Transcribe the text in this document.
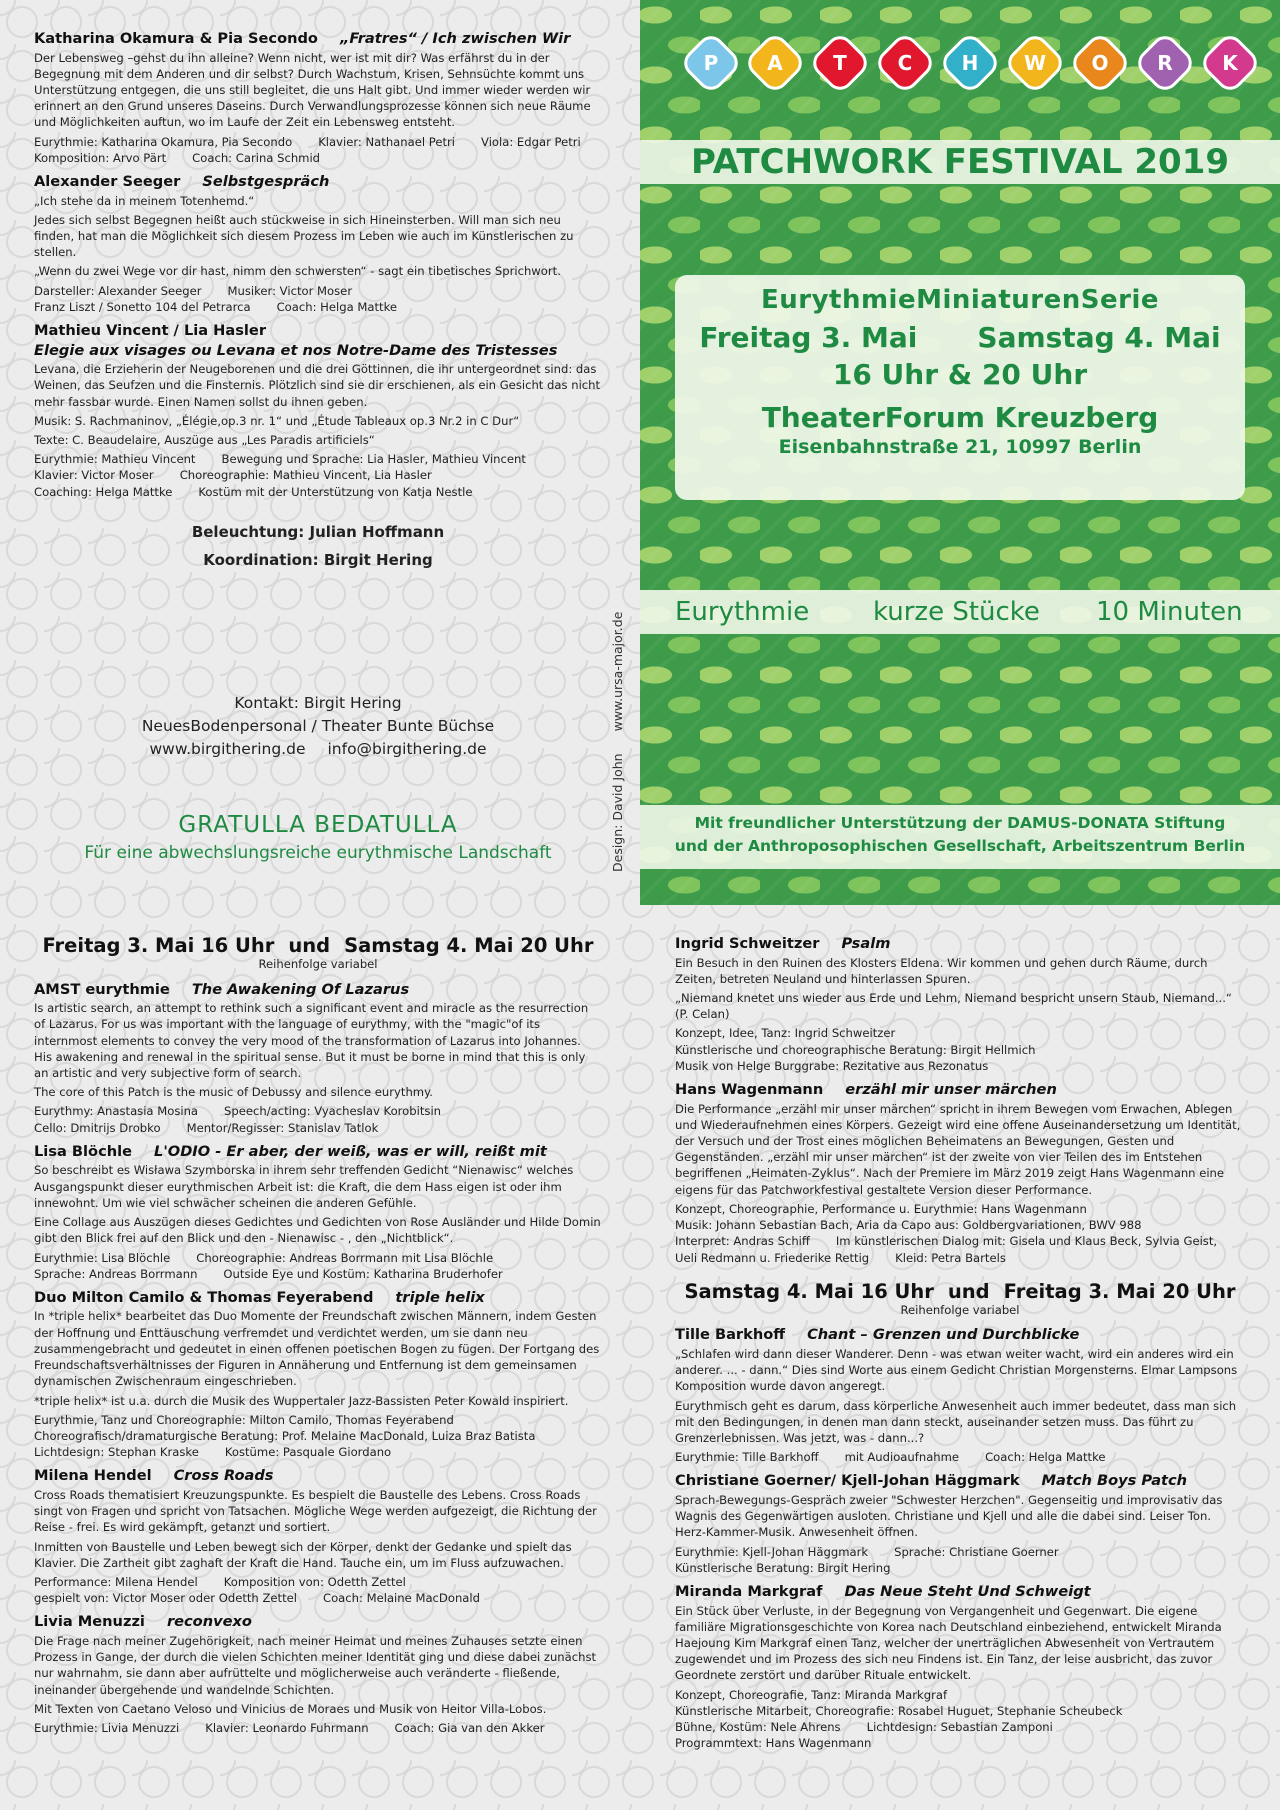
Katharina Okamura & Pia Secondo „Fratres“ / Ich zwischen Wir

Der Lebensweg –gehst du ihn alleine? Wenn nicht, wer ist mit dir? Was erfährst du in der Begegnung mit dem Anderen und dir selbst? Durch Wachstum, Krisen, Sehnsüchte kommt uns Unterstützung entgegen, die uns still begleitet, die uns Halt gibt. Und immer wieder werden wir erinnert an den Grund unseres Daseins. Durch Verwandlungsprozesse können sich neue Räume und Möglichkeiten auftun, wo im Laufe der Zeit ein Lebensweg entsteht.

Eurythmie: Katharina Okamura, Pia Secondo Klavier: Nathanael Petri Viola: Edgar Petri
Komposition: Arvo Pärt Coach: Carina Schmid
Alexander Seeger Selbstgespräch

„Ich stehe da in meinem Totenhemd.“

Jedes sich selbst Begegnen heißt auch stückweise in sich Hineinsterben. Will man sich neu finden, hat man die Möglichkeit sich diesem Prozess im Leben wie auch im Künstlerischen zu stellen.

„Wenn du zwei Wege vor dir hast, nimm den schwersten“ - sagt ein tibetisches Sprichwort.

Darsteller: Alexander Seeger Musiker: Victor Moser
Franz Liszt / Sonetto 104 del Petrarca Coach: Helga Mattke
Mathieu Vincent / Lia Hasler
Elegie aux visages ou Levana et nos Notre-Dame des Tristesses

Levana, die Erzieherin der Neugeborenen und die drei Göttinnen, die ihr untergeordnet sind: das Weinen, das Seufzen und die Finsternis. Plötzlich sind sie dir erschienen, als ein Gesicht das nicht mehr fassbar wurde. Einen Namen sollst du ihnen geben.

Musik: S. Rachmaninov, „Élégie,op.3 nr. 1“ und „Étude Tableaux op.3 Nr.2 in C Dur“

Texte: C. Beaudelaire, Auszüge aus „Les Paradis artificiels“

Eurythmie: Mathieu Vincent Bewegung und Sprache: Lia Hasler, Mathieu Vincent
Klavier: Victor Moser Choreographie: Mathieu Vincent, Lia Hasler
Coaching: Helga Mattke Kostüm mit der Unterstützung von Katja Nestle
Beleuchtung: Julian Hoffmann
Koordination: Birgit Hering
Kontakt: Birgit Hering
NeuesBodenpersonal / Theater Bunte Büchse
www.birgithering.de info@birgithering.de
GRATULLA BEDATULLA
Für eine abwechslungsreiche eurythmische Landschaft	Design: David Johnwww.ursa-major.de
P	A	T	C	H	W	O	R	K
PATCHWORK FESTIVAL 2019
EurythmieMiniaturenSerie
Freitag 3. Mai Samstag 4. Mai
16 Uhr & 20 Uhr
TheaterForum Kreuzberg
Eisenbahnstraße 21, 10997 Berlin
Eurythmie kurze Stücke 10 Minuten
Mit freundlicher Unterstützung der DAMUS-DONATA Stiftung
und der Anthroposophischen Gesellschaft, Arbeitszentrum Berlin
Freitag 3. Mai 16 Uhr und Samstag 4. Mai 20 Uhr
Reihenfolge variabel
AMST eurythmie The Awakening Of Lazarus

Is artistic search, an attempt to rethink such a significant event and miracle as the resurrection of Lazarus. For us was important with the language of eurythmy, with the "magic"of its internmost elements to convey the very mood of the transformation of Lazarus into Johannes. His awakening and renewal in the spiritual sense. But it must be borne in mind that this is only an artistic and very subjective form of search.

The core of this Patch is the music of Debussy and silence eurythmy.

Eurythmy: Anastasia Mosina Speech/acting: Vyacheslav Korobitsin
Cello: Dmitrijs Drobko Mentor/Regisser: Stanislav Tatlok
Lisa Blöchle L'ODIO - Er aber, der weiß, was er will, reißt mit

So beschreibt es Wisława Szymborska in ihrem sehr treffenden Gedicht “Nienawisc“ welches Ausgangspunkt dieser eurythmischen Arbeit ist: die Kraft, die dem Hass eigen ist oder ihm innewohnt. Um wie viel schwächer scheinen die anderen Gefühle.

Eine Collage aus Auszügen dieses Gedichtes und Gedichten von Rose Ausländer und Hilde Domin gibt den Blick frei auf den Blick und den - Nienawisc - , den „Nichtblick“.

Eurythmie: Lisa Blöchle Choreographie: Andreas Borrmann mit Lisa Blöchle
Sprache: Andreas Borrmann Outside Eye und Kostüm: Katharina Bruderhofer
Duo Milton Camilo & Thomas Feyerabend triple helix

In *triple helix* bearbeitet das Duo Momente der Freundschaft zwischen Männern, indem Gesten der Hoffnung und Enttäuschung verfremdet und verdichtet werden, um sie dann neu zusammengebracht und gedeutet in einen offenen poetischen Bogen zu fügen. Der Fortgang des Freundschaftsverhältnisses der Figuren in Annäherung und Entfernung ist dem gemeinsamen dynamischen Zwischenraum eingeschrieben.

*triple helix* ist u.a. durch die Musik des Wuppertaler Jazz-Bassisten Peter Kowald inspiriert.

Eurythmie, Tanz und Choreographie: Milton Camilo, Thomas Feyerabend
Choreografisch/dramaturgische Beratung: Prof. Melaine MacDonald, Luiza Braz Batista
Lichtdesign: Stephan Kraske Kostüme: Pasquale Giordano
Milena Hendel Cross Roads

Cross Roads thematisiert Kreuzungspunkte. Es bespielt die Baustelle des Lebens. Cross Roads singt von Fragen und spricht von Tatsachen. Mögliche Wege werden aufgezeigt, die Richtung der Reise - frei. Es wird gekämpft, getanzt und sortiert.

Inmitten von Baustelle und Leben bewegt sich der Körper, denkt der Gedanke und spielt das Klavier. Die Zartheit gibt zaghaft der Kraft die Hand. Tauche ein, um im Fluss aufzuwachen.

Performance: Milena Hendel Komposition von: Odetth Zettel
gespielt von: Victor Moser oder Odetth Zettel Coach: Melaine MacDonald
Livia Menuzzi reconvexo

Die Frage nach meiner Zugehörigkeit, nach meiner Heimat und meines Zuhauses setzte einen Prozess in Gange, der durch die vielen Schichten meiner Identität ging und diese dabei zunächst nur wahrnahm, sie dann aber aufrüttelte und möglicherweise auch veränderte - fließende, ineinander übergehende und wandelnde Schichten.

Mit Texten von Caetano Veloso und Vinicius de Moraes und Musik von Heitor Villa-Lobos.

Eurythmie: Livia Menuzzi Klavier: Leonardo Fuhrmann Coach: Gia van den Akker
Ingrid Schweitzer Psalm

Ein Besuch in den Ruinen des Klosters Eldena. Wir kommen und gehen durch Räume, durch Zeiten, betreten Neuland und hinterlassen Spuren.

„Niemand knetet uns wieder aus Erde und Lehm, Niemand bespricht unsern Staub, Niemand...“ (P. Celan)

Konzept, Idee, Tanz: Ingrid Schweitzer
Künstlerische und choreographische Beratung: Birgit Hellmich
Musik von Helge Burggrabe: Rezitative aus Rezonatus
Hans Wagenmann erzähl mir unser märchen

Die Performance „erzähl mir unser märchen“ spricht in ihrem Bewegen vom Erwachen, Ablegen und Wiederaufnehmen eines Körpers. Gezeigt wird eine offene Auseinandersetzung um Identität, der Versuch und der Trost eines möglichen Beheimatens an Bewegungen, Gesten und Gegenständen. „erzähl mir unser märchen“ ist der zweite von vier Teilen des im Entstehen begriffenen „Heimaten-Zyklus“. Nach der Premiere im März 2019 zeigt Hans Wagenmann eine eigens für das Patchworkfestival gestaltete Version dieser Performance.

Konzept, Choreographie, Performance u. Eurythmie: Hans Wagenmann
Musik: Johann Sebastian Bach, Aria da Capo aus: Goldbergvariationen, BWV 988
Interpret: Andras Schiff Im künstlerischen Dialog mit: Gisela und Klaus Beck, Sylvia Geist,
Ueli Redmann u. Friederike Rettig Kleid: Petra Bartels
Samstag 4. Mai 16 Uhr und Freitag 3. Mai 20 Uhr
Reihenfolge variabel
Tille Barkhoff Chant – Grenzen und Durchblicke

„Schlafen wird dann dieser Wanderer. Denn - was etwan weiter wacht, wird ein anderes wird ein anderer. ... - dann.“ Dies sind Worte aus einem Gedicht Christian Morgensterns. Elmar Lampsons Komposition wurde davon angeregt.

Eurythmisch geht es darum, dass körperliche Anwesenheit auch immer bedeutet, dass man sich mit den Bedingungen, in denen man dann steckt, auseinander setzen muss. Das führt zu Grenzerlebnissen. Was jetzt, was - dann...?

Eurythmie: Tille Barkhoff mit Audioaufnahme Coach: Helga Mattke
Christiane Goerner/ Kjell-Johan Häggmark Match Boys Patch

Sprach-Bewegungs-Gespräch zweier "Schwester Herzchen". Gegenseitig und improvisativ das Wagnis des Gegenwärtigen ausloten. Christiane und Kjell und alle die dabei sind. Leiser Ton. Herz-Kammer-Musik. Anwesenheit öffnen.

Eurythmie: Kjell-Johan Häggmark Sprache: Christiane Goerner
Künstlerische Beratung: Birgit Hering
Miranda Markgraf Das Neue Steht Und Schweigt

Ein Stück über Verluste, in der Begegnung von Vergangenheit und Gegenwart. Die eigene familiäre Migrationsgeschichte von Korea nach Deutschland einbeziehend, entwickelt Miranda Haejoung Kim Markgraf einen Tanz, welcher der unerträglichen Abwesenheit von Vertrautem zugewendet und im Prozess des sich neu Findens ist. Ein Tanz, der leise ausbricht, das zuvor Geordnete zerstört und darüber Rituale entwickelt.

Konzept, Choreografie, Tanz: Miranda Markgraf
Künstlerische Mitarbeit, Choreografie: Rosabel Huguet, Stephanie Scheubeck
Bühne, Kostüm: Nele Ahrens Lichtdesign: Sebastian Zamponi
Programmtext: Hans Wagenmann
